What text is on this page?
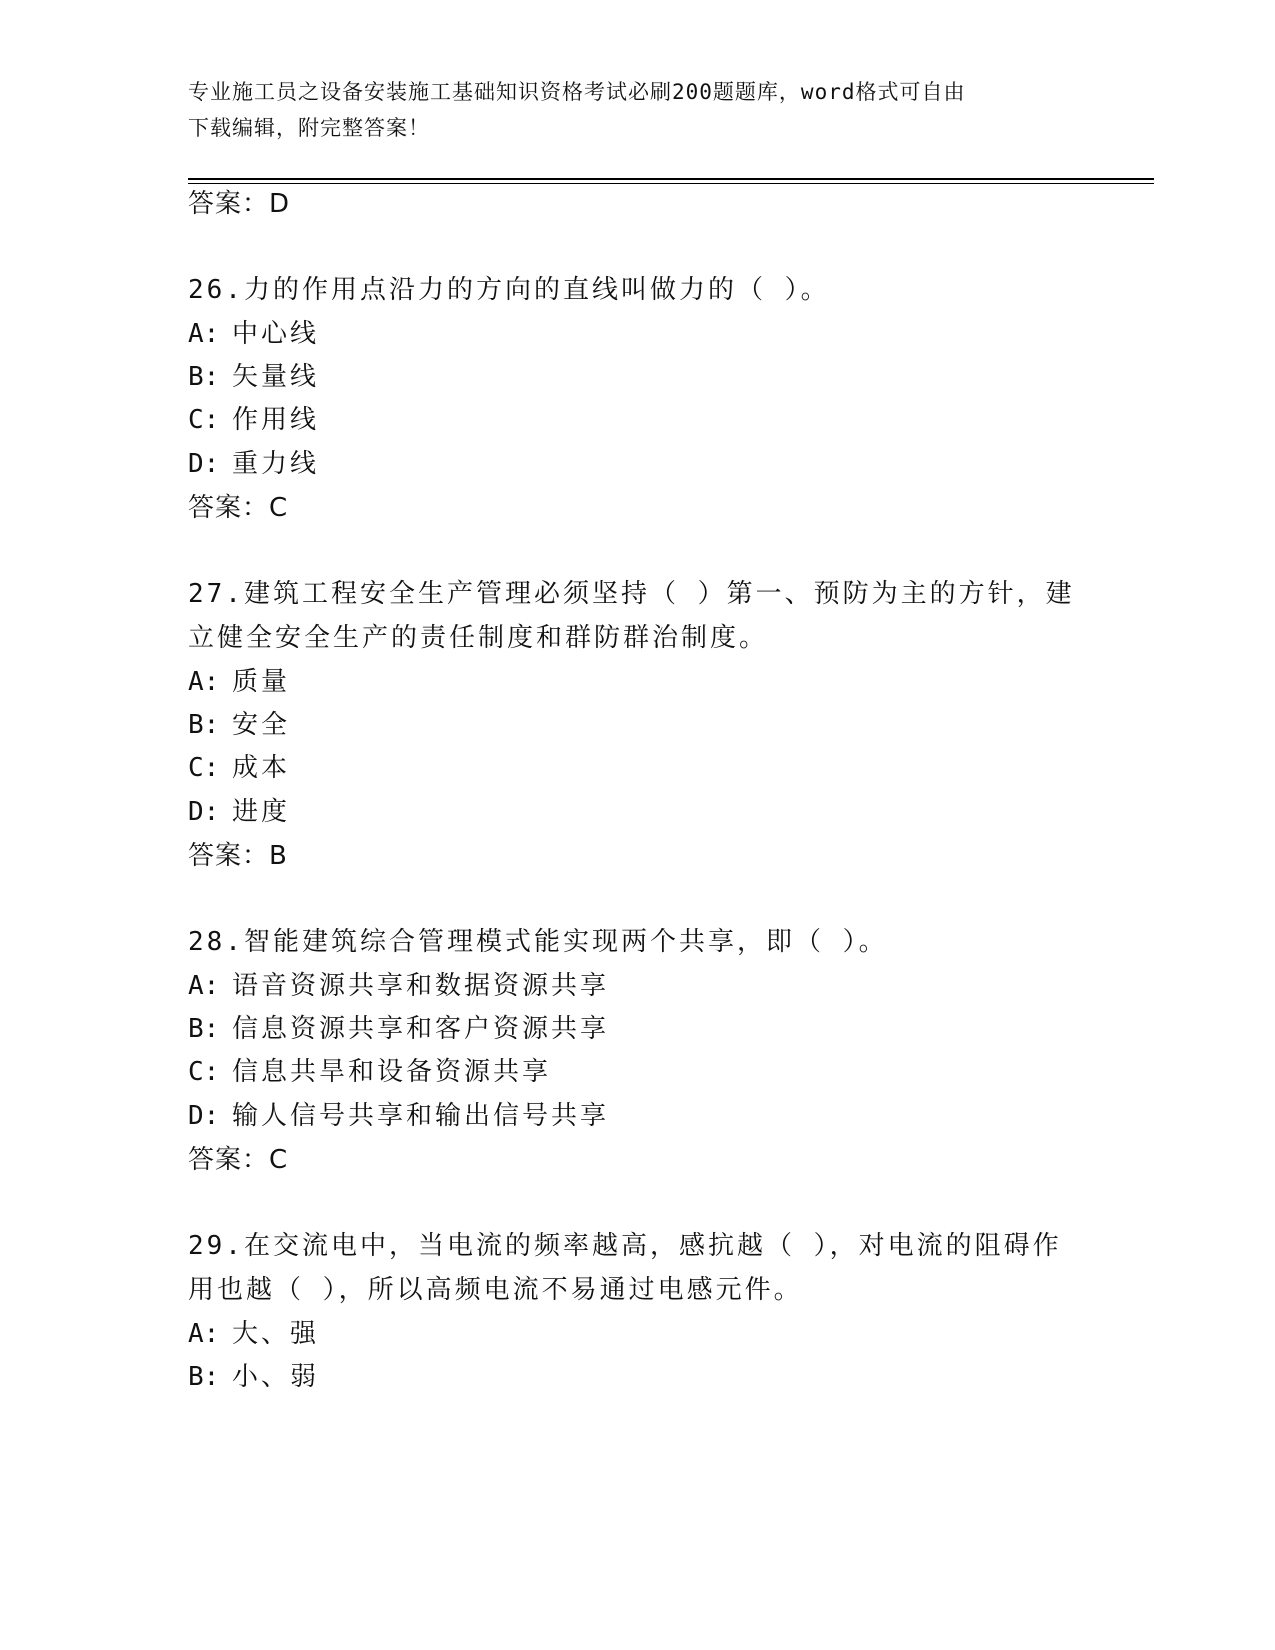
专业施工员之设备安装施工基础知识资格考试必刷200题题库，word格式可自由
下载编辑，附完整答案！
答案：D
26.力的作用点沿力的方向的直线叫做力的（ ）。
A: 中心线
B: 矢量线
C: 作用线
D: 重力线
答案：C
27.建筑工程安全生产管理必须坚持（ ）第一、预防为主的方针，建
立健全安全生产的责任制度和群防群治制度。
A: 质量
B: 安全
C: 成本
D: 进度
答案：B
28.智能建筑综合管理模式能实现两个共享，即（ ）。
A: 语音资源共享和数据资源共享
B: 信息资源共享和客户资源共享
C: 信息共旱和设备资源共享
D: 输人信号共享和输出信号共享
答案：C
29.在交流电中，当电流的频率越高，感抗越（ ），对电流的阻碍作
用也越（ ），所以高频电流不易通过电感元件。
A: 大、强
B: 小、弱
